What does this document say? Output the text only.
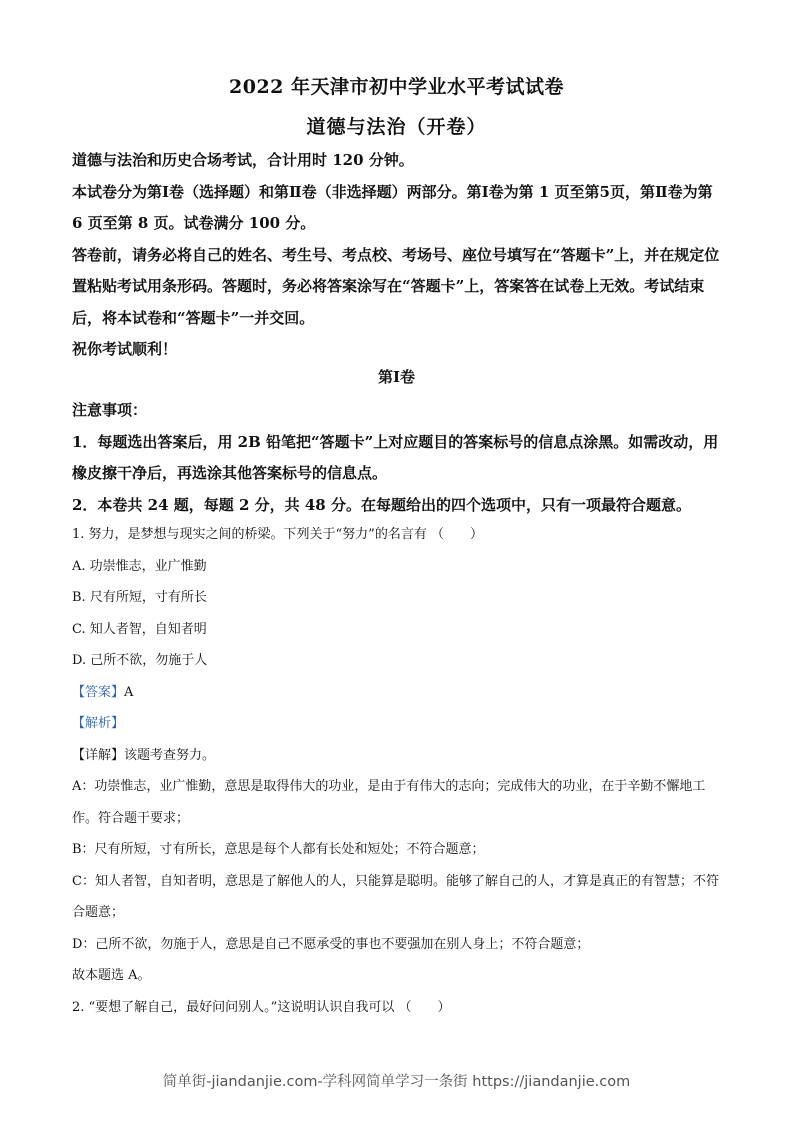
2022 年天津市初中学业水平考试试卷
道德与法治（开卷）

道德与法治和历史合场考试，合计用时 120 分钟。

本试卷分为第Ⅰ卷（选择题）和第Ⅱ卷（非选择题）两部分。第Ⅰ卷为第 1 页至第5页，第Ⅱ卷为第 6 页至第 8 页。试卷满分 100 分。

答卷前，请务必将自己的姓名、考生号、考点校、考场号、座位号填写在“答题卡”上，并在规定位置粘贴考试用条形码。答题时，务必将答案涂写在“答题卡”上，答案答在试卷上无效。考试结束后，将本试卷和“答题卡”一并交回。

祝你考试顺利！

第Ⅰ卷

注意事项：

1．每题选出答案后，用 2B 铅笔把“答题卡”上对应题目的答案标号的信息点涂黑。如需改动，用橡皮擦干净后，再选涂其他答案标号的信息点。

2．本卷共 24 题，每题 2 分，共 48 分。在每题给出的四个选项中，只有一项最符合题意。

1. 努力，是梦想与现实之间的桥梁。下列关于“努力”的名言有 （　　）

A. 功崇惟志，业广惟勤

B. 尺有所短，寸有所长

C. 知人者智，自知者明

D. 己所不欲，勿施于人

【答案】A

【解析】

【详解】该题考查努力。

A：功崇惟志，业广惟勤，意思是取得伟大的功业，是由于有伟大的志向；完成伟大的功业，在于辛勤不懈地工作。符合题干要求；

B：尺有所短，寸有所长，意思是每个人都有长处和短处；不符合题意；

C：知人者智，自知者明，意思是了解他人的人，只能算是聪明。能够了解自己的人，才算是真正的有智慧；不符合题意；

D：己所不欲，勿施于人，意思是自己不愿承受的事也不要强加在别人身上；不符合题意；

故本题选 A。

2. “要想了解自己，最好问问别人。”这说明认识自我可以 （　　）

简单街-jiandanjie.com-学科网简单学习一条街 https://jiandanjie.com
